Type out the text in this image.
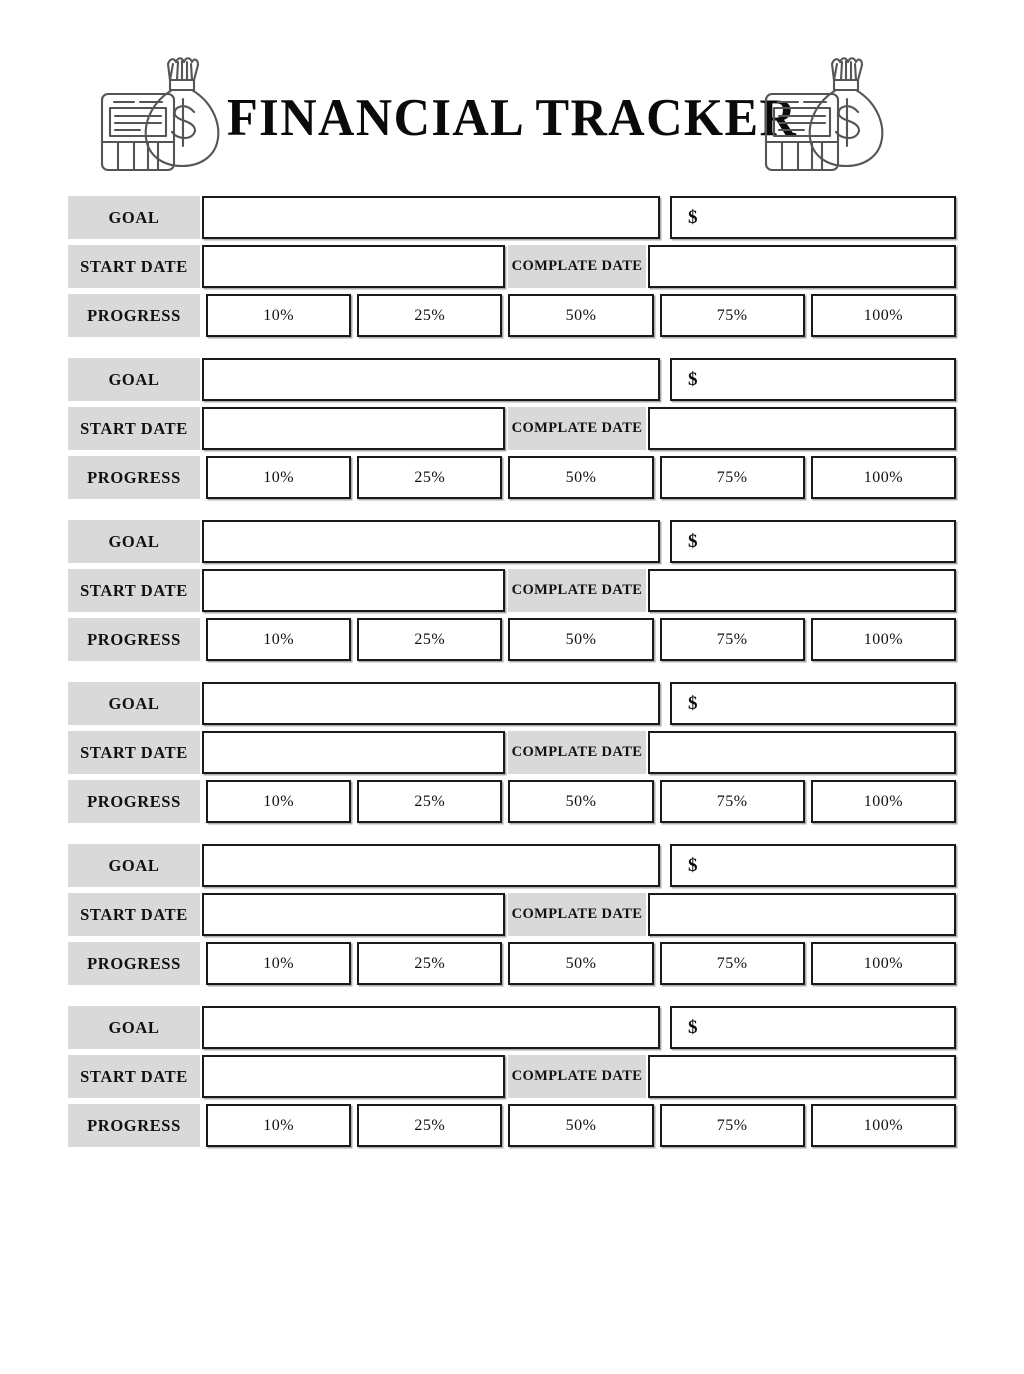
FINANCIAL TRACKER
GOAL	$
START DATE	COMPLATE DATE
PROGRESS	10%	25%	50%	75%	100%
GOAL	$
START DATE	COMPLATE DATE
PROGRESS	10%	25%	50%	75%	100%
GOAL	$
START DATE	COMPLATE DATE
PROGRESS	10%	25%	50%	75%	100%
GOAL	$
START DATE	COMPLATE DATE
PROGRESS	10%	25%	50%	75%	100%
GOAL	$
START DATE	COMPLATE DATE
PROGRESS	10%	25%	50%	75%	100%
GOAL	$
START DATE	COMPLATE DATE
PROGRESS	10%	25%	50%	75%	100%
